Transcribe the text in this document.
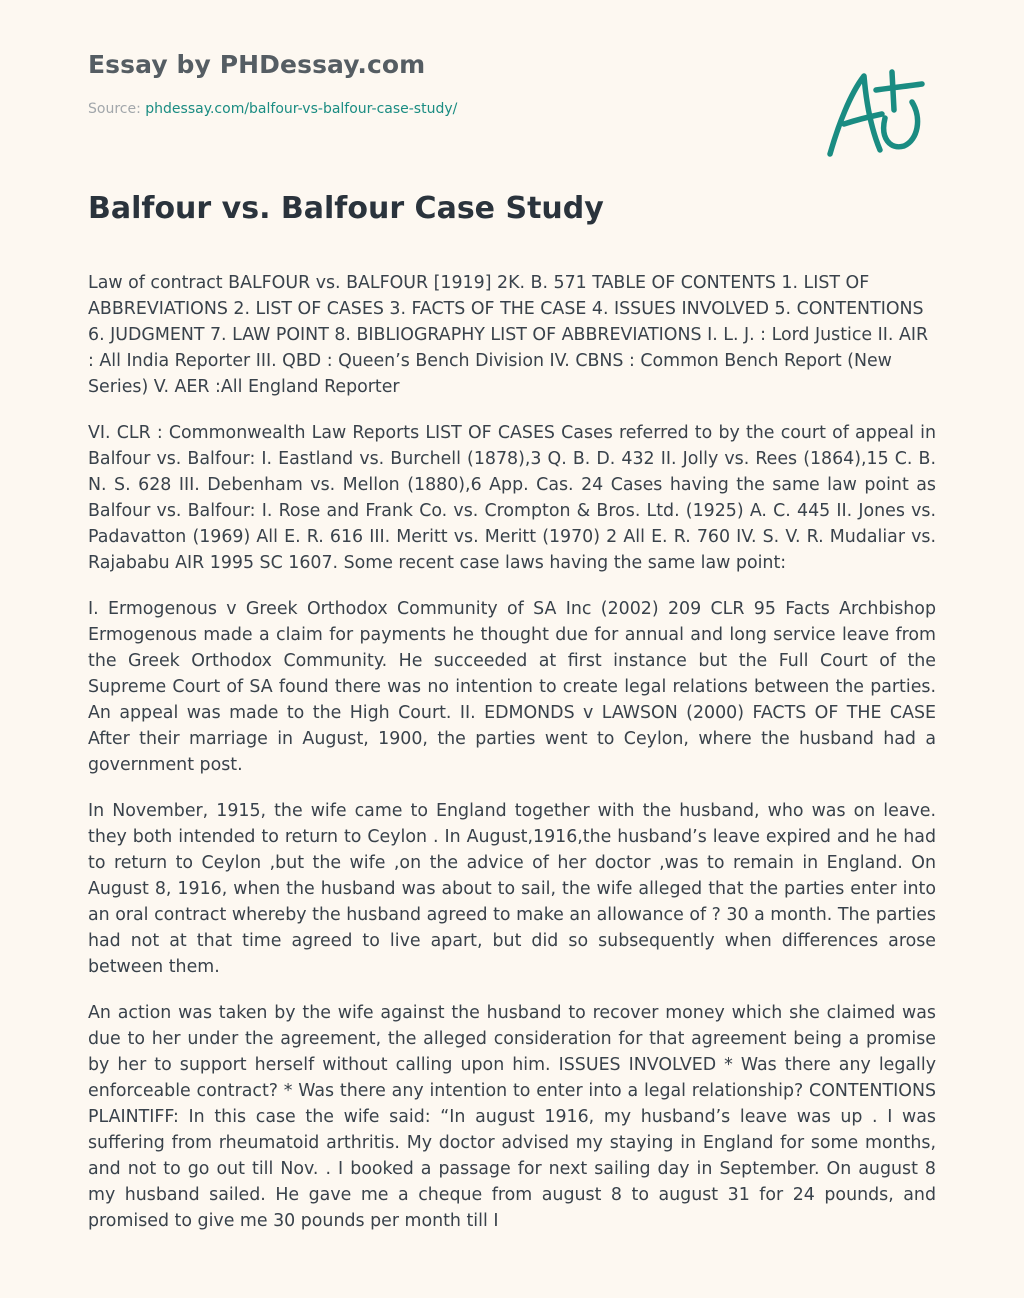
Essay by PHDessay.com
Source: phdessay.com/balfour-vs-balfour-case-study/
Balfour vs. Balfour Case Study

Law of contract BALFOUR vs. BALFOUR [1919] 2K. B. 571 TABLE OF CONTENTS 1. LIST OF ABBREVIATIONS 2. LIST OF CASES 3. FACTS OF THE CASE 4. ISSUES INVOLVED 5. CONTENTIONS 6. JUDGMENT 7. LAW POINT 8. BIBLIOGRAPHY LIST OF ABBREVIATIONS I. L. J. : Lord Justice II. AIR : All India Reporter III. QBD : Queen’s Bench Division IV. CBNS : Common Bench Report (New Series) V. AER :All England Reporter

VI. CLR : Commonwealth Law Reports LIST OF CASES Cases referred to by the court of appeal in Balfour vs. Balfour: I. Eastland vs. Burchell (1878),3 Q. B. D. 432 II. Jolly vs. Rees (1864),15 C. B. N. S. 628 III. Debenham vs. Mellon (1880),6 App. Cas. 24 Cases having the same law point as Balfour vs. Balfour: I. Rose and Frank Co. vs. Crompton & Bros. Ltd. (1925) A. C. 445 II. Jones vs. Padavatton (1969) All E. R. 616 III. Meritt vs. Meritt (1970) 2 All E. R. 760 IV. S. V. R. Mudaliar vs. Rajababu AIR 1995 SC 1607. Some recent case laws having the same law point:

I. Ermogenous v Greek Orthodox Community of SA Inc (2002) 209 CLR 95 Facts Archbishop Ermogenous made a claim for payments he thought due for annual and long service leave from the Greek Orthodox Community. He succeeded at first instance but the Full Court of the Supreme Court of SA found there was no intention to create legal relations between the parties. An appeal was made to the High Court. II. EDMONDS v LAWSON (2000) FACTS OF THE CASE After their marriage in August, 1900, the parties went to Ceylon, where the husband had a government post.

In November, 1915, the wife came to England together with the husband, who was on leave. they both intended to return to Ceylon . In August,1916,the husband’s leave expired and he had to return to Ceylon ,but the wife ,on the advice of her doctor ,was to remain in England. On August 8, 1916, when the husband was about to sail, the wife alleged that the parties enter into an oral contract whereby the husband agreed to make an allowance of ? 30 a month. The parties had not at that time agreed to live apart, but did so subsequently when differences arose between them.

An action was taken by the wife against the husband to recover money which she claimed was due to her under the agreement, the alleged consideration for that agreement being a promise by her to support herself without calling upon him. ISSUES INVOLVED * Was there any legally enforceable contract? * Was there any intention to enter into a legal relationship? CONTENTIONS PLAINTIFF: In this case the wife said: “In august 1916, my husband’s leave was up . I was suffering from rheumatoid arthritis. My doctor advised my staying in England for some months, and not to go out till Nov. . I booked a passage for next sailing day in September. On august 8 my husband sailed. He gave me a cheque from august 8 to august 31 for 24 pounds, and promised to give me 30 pounds per month till I
